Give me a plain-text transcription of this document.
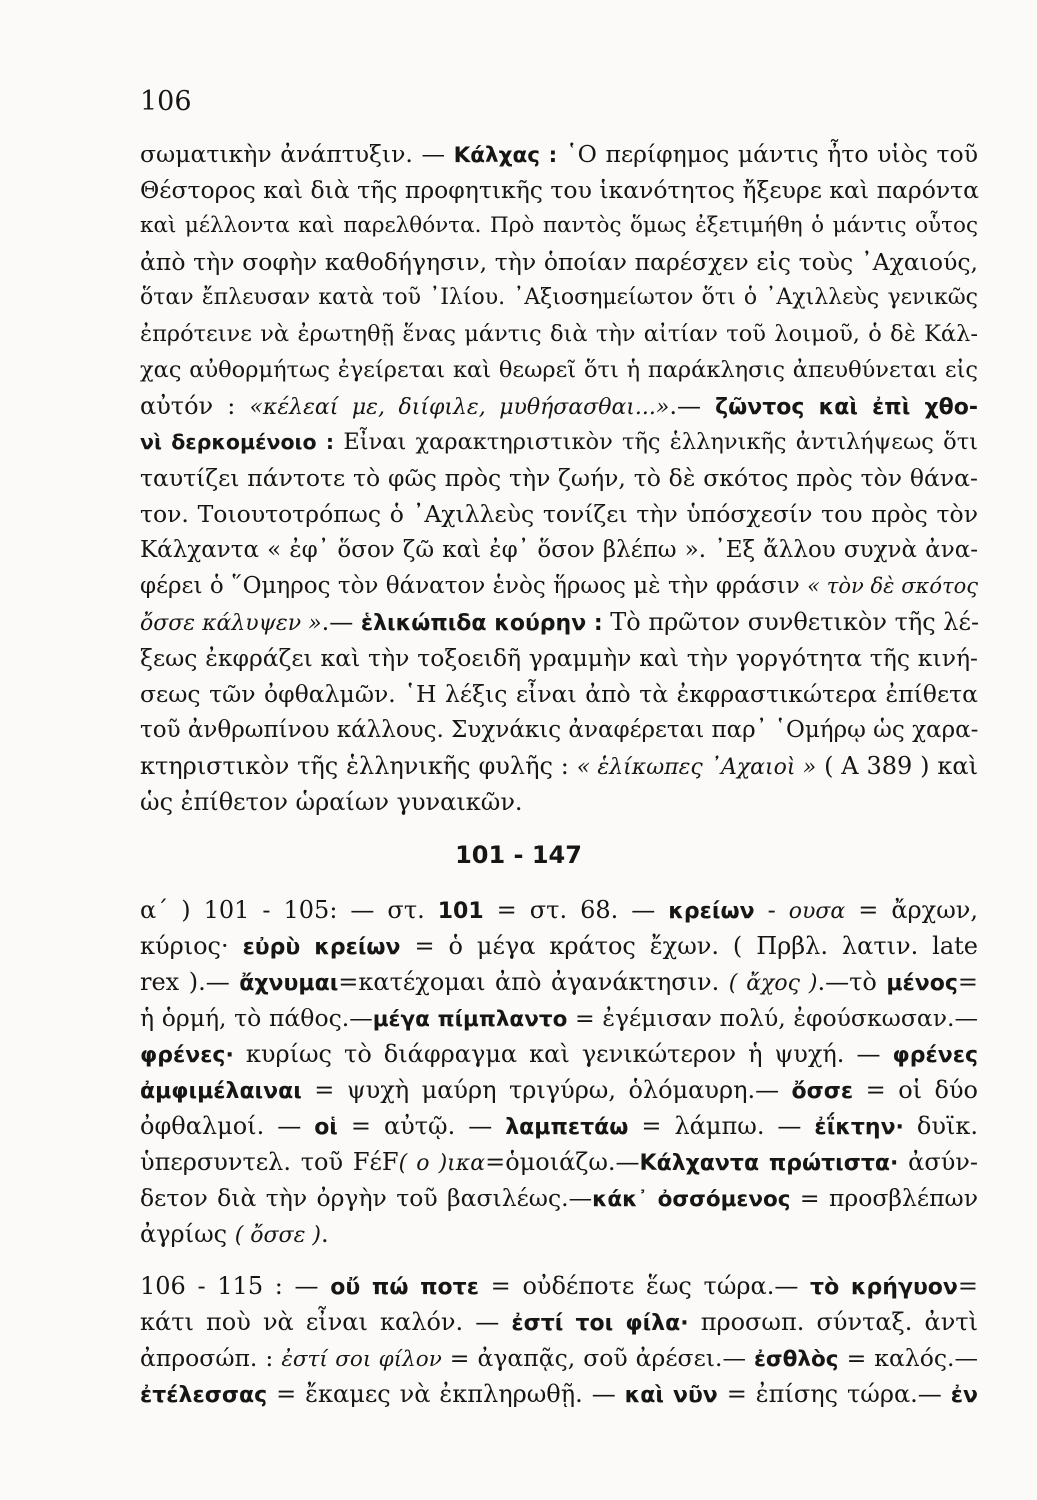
106
σωματικὴν ἀνάπτυξιν. — Κάλχας : ῾Ο περίφημος μάντις ἦτο υἱὸς τοῦ
Θέστορος καὶ διὰ τῆς προφητικῆς του ἱκανότητος ἤξευρε καὶ παρόντα
καὶ μέλλοντα καὶ παρελθόντα. Πρὸ παντὸς ὅμως ἐξετιμήθη ὁ μάντις οὗτος
ἀπὸ τὴν σοφὴν καθοδήγησιν, τὴν ὁποίαν παρέσχεν εἰς τοὺς ᾿Αχαιούς,
ὅταν ἔπλευσαν κατὰ τοῦ ᾿Ιλίου. ᾿Αξιοσημείωτον ὅτι ὁ ᾿Αχιλλεὺς γενικῶς
ἐπρότεινε νὰ ἐρωτηθῇ ἕνας μάντις διὰ τὴν αἰτίαν τοῦ λοιμοῦ, ὁ δὲ Κάλ-
χας αὐθορμήτως ἐγείρεται καὶ θεωρεῖ ὅτι ἡ παράκλησις ἀπευθύνεται εἰς
αὐτόν : «κέλεαί με, διίφιλε, μυθήσασθαι...».— ζῶντος καὶ ἐπὶ χθο-
νὶ δερκομένοιο : Εἶναι χαρακτηριστικὸν τῆς ἑλληνικῆς ἀντιλήψεως ὅτι
ταυτίζει πάντοτε τὸ φῶς πρὸς τὴν ζωήν, τὸ δὲ σκότος πρὸς τὸν θάνα-
τον. Τοιουτοτρόπως ὁ ᾿Αχιλλεὺς τονίζει τὴν ὑπόσχεσίν του πρὸς τὸν
Κάλχαντα « ἐφ᾿ ὅσον ζῶ καὶ ἐφ᾿ ὅσον βλέπω ». ᾿Εξ ἄλλου συχνὰ ἀνα-
φέρει ὁ ῞Ομηρος τὸν θάνατον ἑνὸς ἥρωος μὲ τὴν φράσιν « τὸν δὲ σκότος
ὄσσε κάλυψεν ».— ἑλικώπιδα κούρην : Τὸ πρῶτον συνθετικὸν τῆς λέ-
ξεως ἐκφράζει καὶ τὴν τοξοειδῆ γραμμὴν καὶ τὴν γοργότητα τῆς κινή-
σεως τῶν ὀφθαλμῶν. ῾Η λέξις εἶναι ἀπὸ τὰ ἐκφραστικώτερα ἐπίθετα
τοῦ ἀνθρωπίνου κάλλους. Συχνάκις ἀναφέρεται παρ᾿ ῾Ομήρῳ ὡς χαρα-
κτηριστικὸν τῆς ἑλληνικῆς φυλῆς : « ἑλίκωπες ᾿Αχαιοὶ » ( Α 389 ) καὶ
ὡς ἐπίθετον ὡραίων γυναικῶν.
101 - 147
α΄ ) 101 - 105: — στ. 101 = στ. 68. — κρείων - ουσα = ἄρχων,
κύριος· εὐρὺ κρείων = ὁ μέγα κράτος ἔχων. ( Πρβλ. λατιν. late
rex ).— ἄχνυμαι=κατέχομαι ἀπὸ ἀγανάκτησιν. ( ἄχος ).—τὸ μένος=
ἡ ὁρμή, τὸ πάθος.—μέγα πίμπλαντο = ἐγέμισαν πολύ, ἐφούσκωσαν.—
φρένες· κυρίως τὸ διάφραγμα καὶ γενικώτερον ἡ ψυχή. — φρένες
ἀμφιμέλαιναι = ψυχὴ μαύρη τριγύρω, ὁλόμαυρη.— ὄσσε = οἱ δύο
ὀφθαλμοί. — οἱ = αὐτῷ. — λαμπετάω = λάμπω. — ἐΐκτην· δυϊκ.
ὑπερσυντελ. τοῦ FέF( ο )ικα=ὁμοιάζω.—Κάλχαντα πρώτιστα· ἀσύν-
δετον διὰ τὴν ὀργὴν τοῦ βασιλέως.—κάκ᾿ ὀσσόμενος = προσβλέπων
ἀγρίως ( ὄσσε ).
106 - 115 : — οὔ πώ ποτε = οὐδέποτε ἕως τώρα.— τὸ κρήγυον=
κάτι ποὺ νὰ εἶναι καλόν. — ἐστί τοι φίλα· προσωπ. σύνταξ. ἀντὶ
ἀπροσώπ. : ἐστί σοι φίλον = ἀγαπᾷς, σοῦ ἀρέσει.— ἐσθλὸς = καλός.—
ἐτέλεσσας = ἔκαμες νὰ ἐκπληρωθῇ. — καὶ νῦν = ἐπίσης τώρα.— ἐν
